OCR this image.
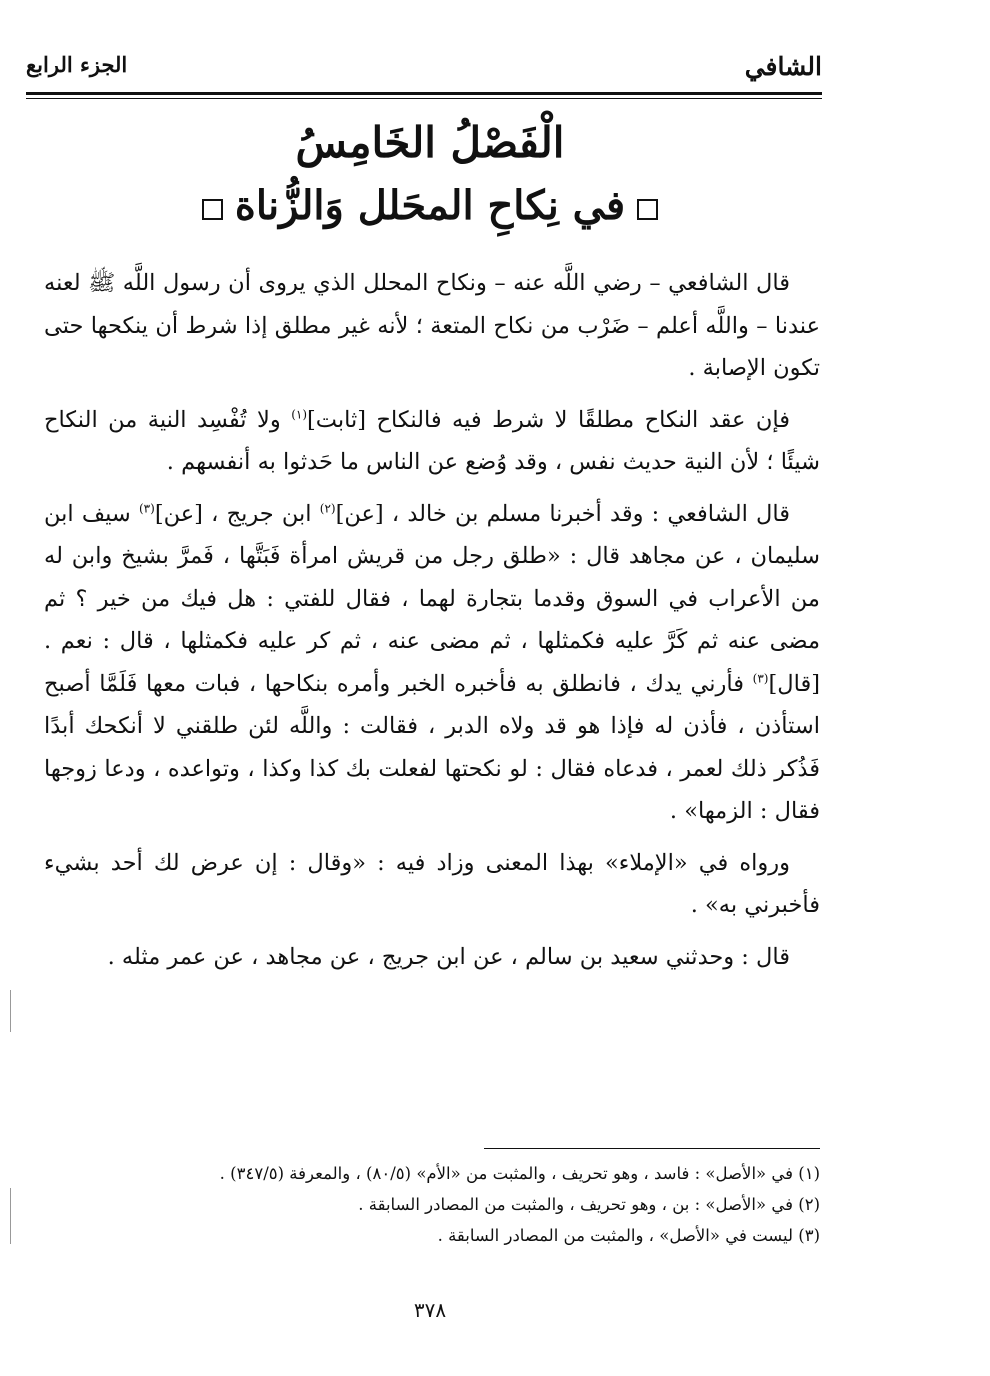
الشافي
الجزء الرابع
الْفَصْلُ الخَامِسُ
في نِكاحِ المحَلل وَالزُّناة

قال الشافعي – رضي اللَّه عنه – ونكاح المحلل الذي يروى أن رسول اللَّه ﷺ لعنه عندنا – واللَّه أعلم – ضَرْب من نكاح المتعة ؛ لأنه غير مطلق إذا شرط أن ينكحها حتى تكون الإصابة .

فإن عقد النكاح مطلقًا لا شرط فيه فالنكاح [ثابت]$^{(١)}$ ولا تُفْسِد النية من النكاح شيئًا ؛ لأن النية حديث نفس ، وقد وُضع عن الناس ما حَدثوا به أنفسهم .

قال الشافعي : وقد أخبرنا مسلم بن خالد ، [عن]$^{(٢)}$ ابن جريج ، [عن]$^{(٣)}$ سيف ابن سليمان ، عن مجاهد قال : «طلق رجل من قريش امرأة فَبَتَّها ، فَمرَّ بشيخ وابن له من الأعراب في السوق وقدما بتجارة لهما ، فقال للفتي : هل فيك من خير ؟ ثم مضى عنه ثم كَرَّ عليه فكمثلها ، ثم مضى عنه ، ثم كر عليه فكمثلها ، قال : نعم . [قال]$^{(٣)}$ فأرني يدك ، فانطلق به فأخبره الخبر وأمره بنكاحها ، فبات معها فَلَمَّا أصبح استأذن ، فأذن له فإذا هو قد ولاه الدبر ، فقالت : واللَّه لئن طلقني لا أنكحك أبدًا فَذُكر ذلك لعمر ، فدعاه فقال : لو نكحتها لفعلت بك كذا وكذا ، وتواعده ، ودعا زوجها فقال : الزمها» .

ورواه في «الإملاء» بهذا المعنى وزاد فيه : «وقال : إن عرض لك أحد بشيء فأخبرني به» .

قال : وحدثني سعيد بن سالم ، عن ابن جريج ، عن مجاهد ، عن عمر مثله .

(١) في «الأصل» : فاسد ، وهو تحريف ، والمثبت من «الأم» (٨٠/٥) ، والمعرفة (٣٤٧/٥) .
(٢) في «الأصل» : بن ، وهو تحريف ، والمثبت من المصادر السابقة .
(٣) ليست في «الأصل» ، والمثبت من المصادر السابقة .
٣٧٨
